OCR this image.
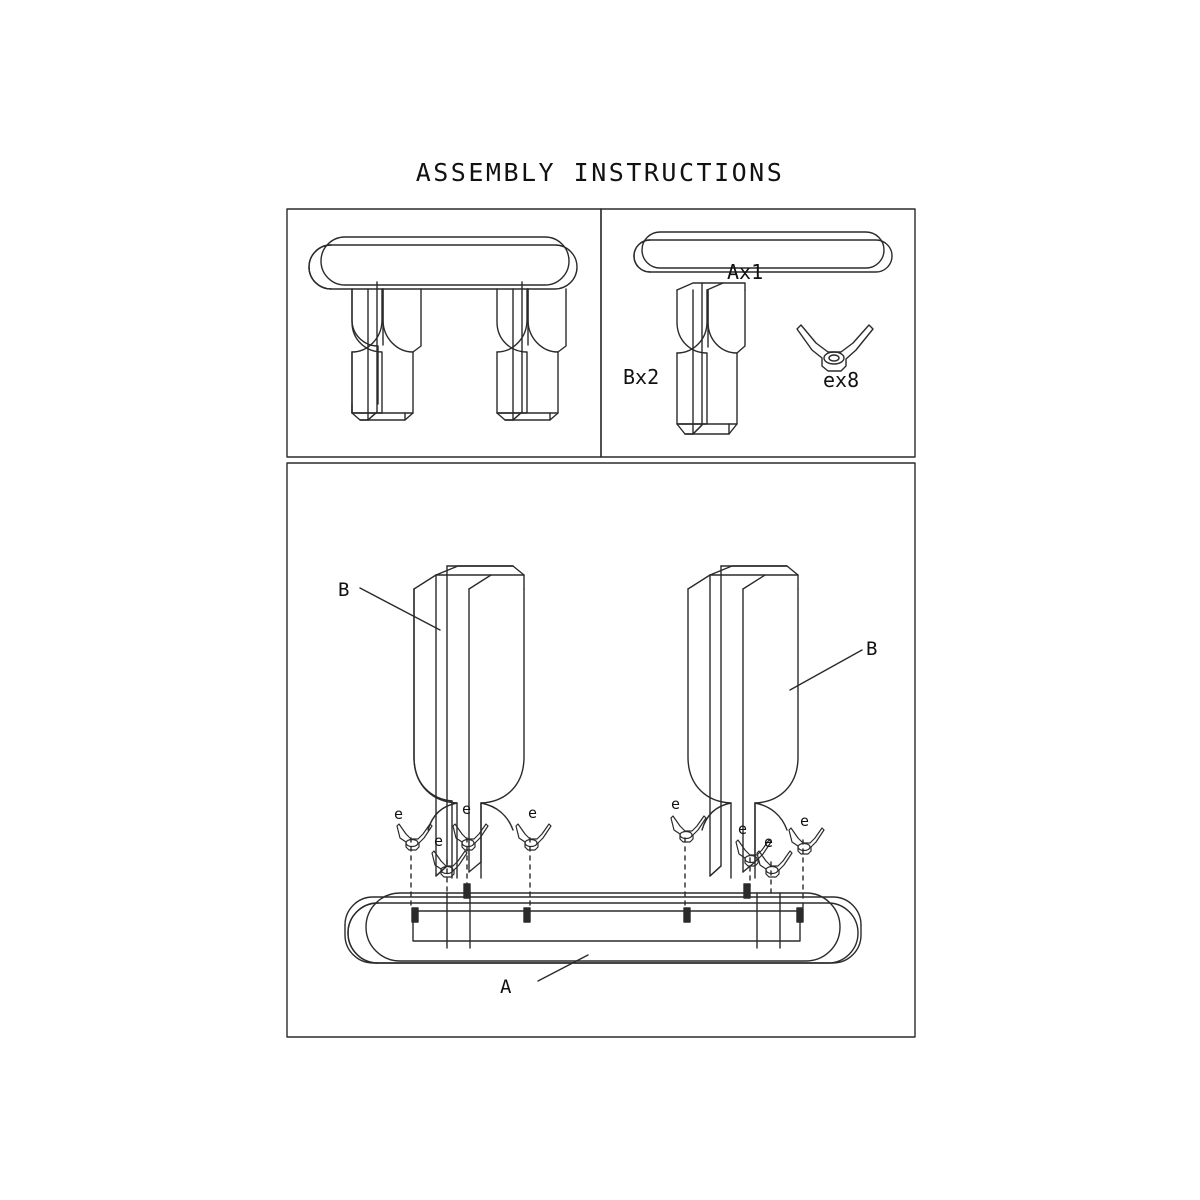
ASSEMBLY INSTRUCTIONS
Ax1
Bx2	ex8
B
B
A
e
e
e	e	e
e
e
e
